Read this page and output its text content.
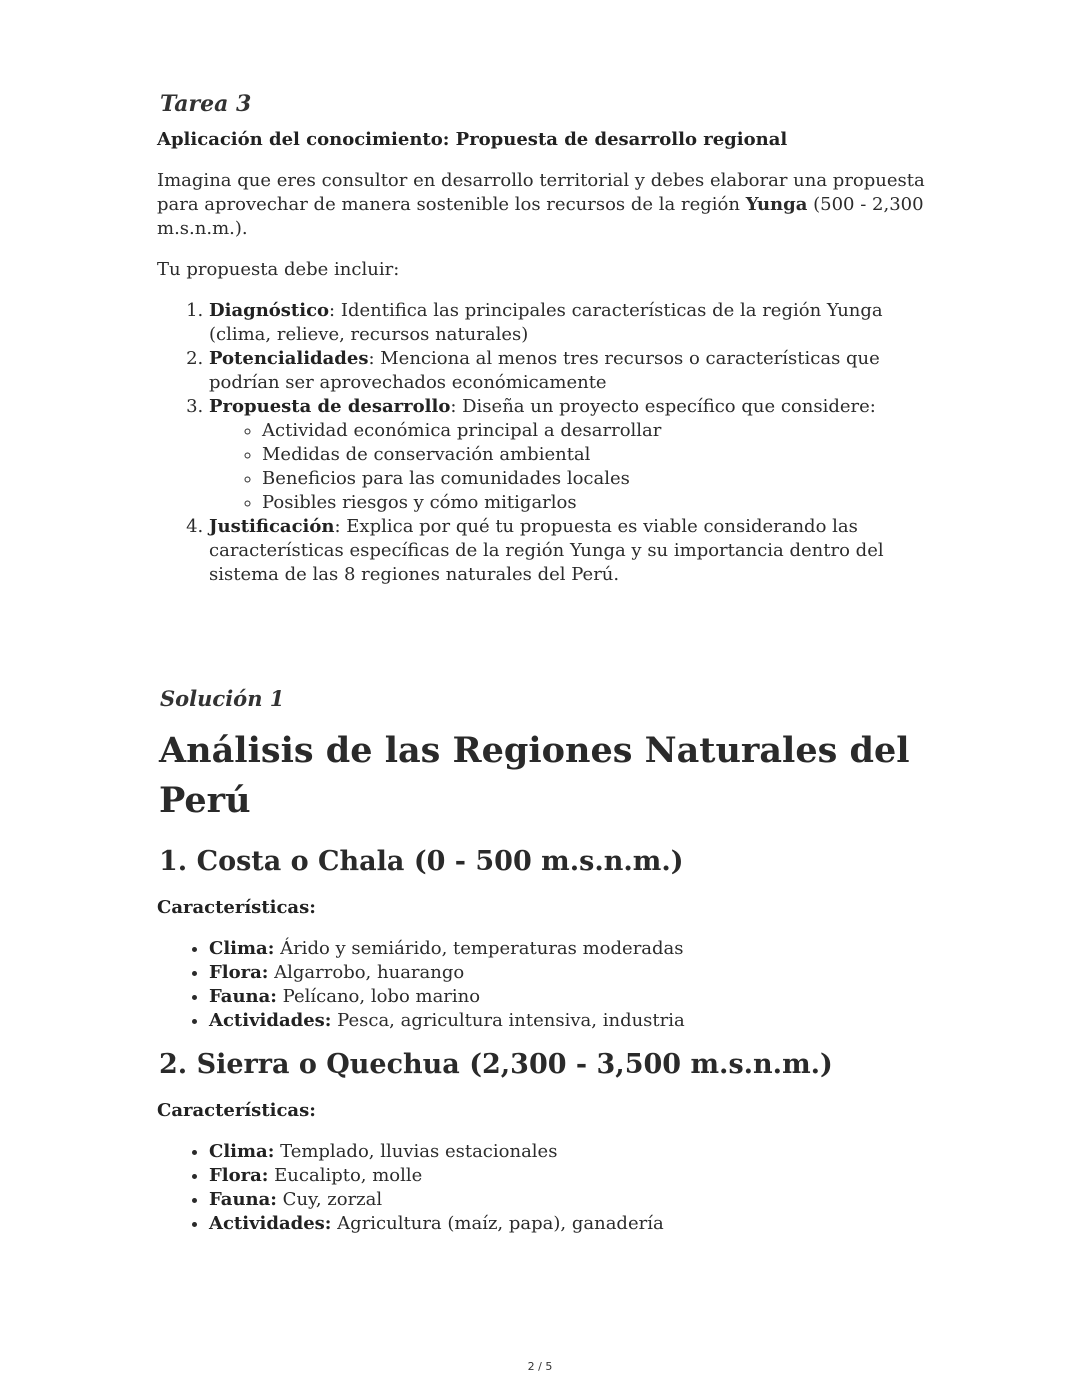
Tarea 3
Aplicación del conocimiento: Propuesta de desarrollo regional

Imagina que eres consultor en desarrollo territorial y debes elaborar una propuesta para aprovechar de manera sostenible los recursos de la región Yunga (500 - 2,300 m.s.n.m.).

Tu propuesta debe incluir:

1. Diagnóstico: Identifica las principales características de la región Yunga (clima, relieve, recursos naturales)
2. Potencialidades: Menciona al menos tres recursos o características que podrían ser aprovechados económicamente
3. Propuesta de desarrollo: Diseña un proyecto específico que considere:
◦ Actividad económica principal a desarrollar
◦ Medidas de conservación ambiental
◦ Beneficios para las comunidades locales
◦ Posibles riesgos y cómo mitigarlos
4. Justificación: Explica por qué tu propuesta es viable considerando las características específicas de la región Yunga y su importancia dentro del sistema de las 8 regiones naturales del Perú.
Solución 1
Análisis de las Regiones Naturales del Perú
1. Costa o Chala (0 - 500 m.s.n.m.)
Características:
• Clima: Árido y semiárido, temperaturas moderadas
• Flora: Algarrobo, huarango
• Fauna: Pelícano, lobo marino
• Actividades: Pesca, agricultura intensiva, industria
2. Sierra o Quechua (2,300 - 3,500 m.s.n.m.)
Características:
• Clima: Templado, lluvias estacionales
• Flora: Eucalipto, molle
• Fauna: Cuy, zorzal
• Actividades: Agricultura (maíz, papa), ganadería
2 / 5
